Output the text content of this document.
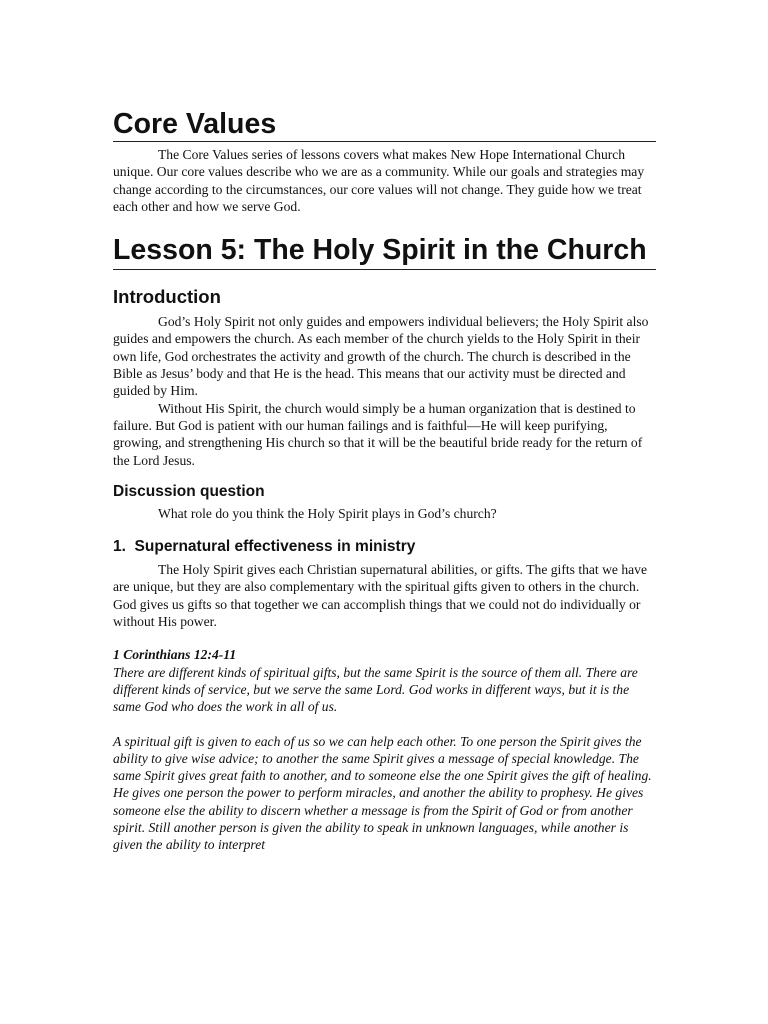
Core Values

The Core Values series of lessons covers what makes New Hope International Church unique. Our core values describe who we are as a community. While our goals and strategies may change according to the circumstances, our core values will not change. They guide how we treat each other and how we serve God.

Lesson 5: The Holy Spirit in the Church
Introduction

God’s Holy Spirit not only guides and empowers individual believers; the Holy Spirit also guides and empowers the church. As each member of the church yields to the Holy Spirit in their own life, God orchestrates the activity and growth of the church. The church is described in the Bible as Jesus’ body and that He is the head. This means that our activity must be directed and guided by Him.

Without His Spirit, the church would simply be a human organization that is destined to failure. But God is patient with our human failings and is faithful—He will keep purifying, growing, and strengthening His church so that it will be the beautiful bride ready for the return of the Lord Jesus.

Discussion question

What role do you think the Holy Spirit plays in God’s church?

1.  Supernatural effectiveness in ministry

The Holy Spirit gives each Christian supernatural abilities, or gifts. The gifts that we have are unique, but they are also complementary with the spiritual gifts given to others in the church. God gives us gifts so that together we can accomplish things that we could not do individually or without His power.

1 Corinthians 12:4-11
There are different kinds of spiritual gifts, but the same Spirit is the source of them all. There are different kinds of service, but we serve the same Lord. God works in different ways, but it is the same God who does the work in all of us.
A spiritual gift is given to each of us so we can help each other. To one person the Spirit gives the ability to give wise advice; to another the same Spirit gives a message of special knowledge. The same Spirit gives great faith to another, and to someone else the one Spirit gives the gift of healing. He gives one person the power to perform miracles, and another the ability to prophesy. He gives someone else the ability to discern whether a message is from the Spirit of God or from another spirit. Still another person is given the ability to speak in unknown languages, while another is given the ability to interpret
